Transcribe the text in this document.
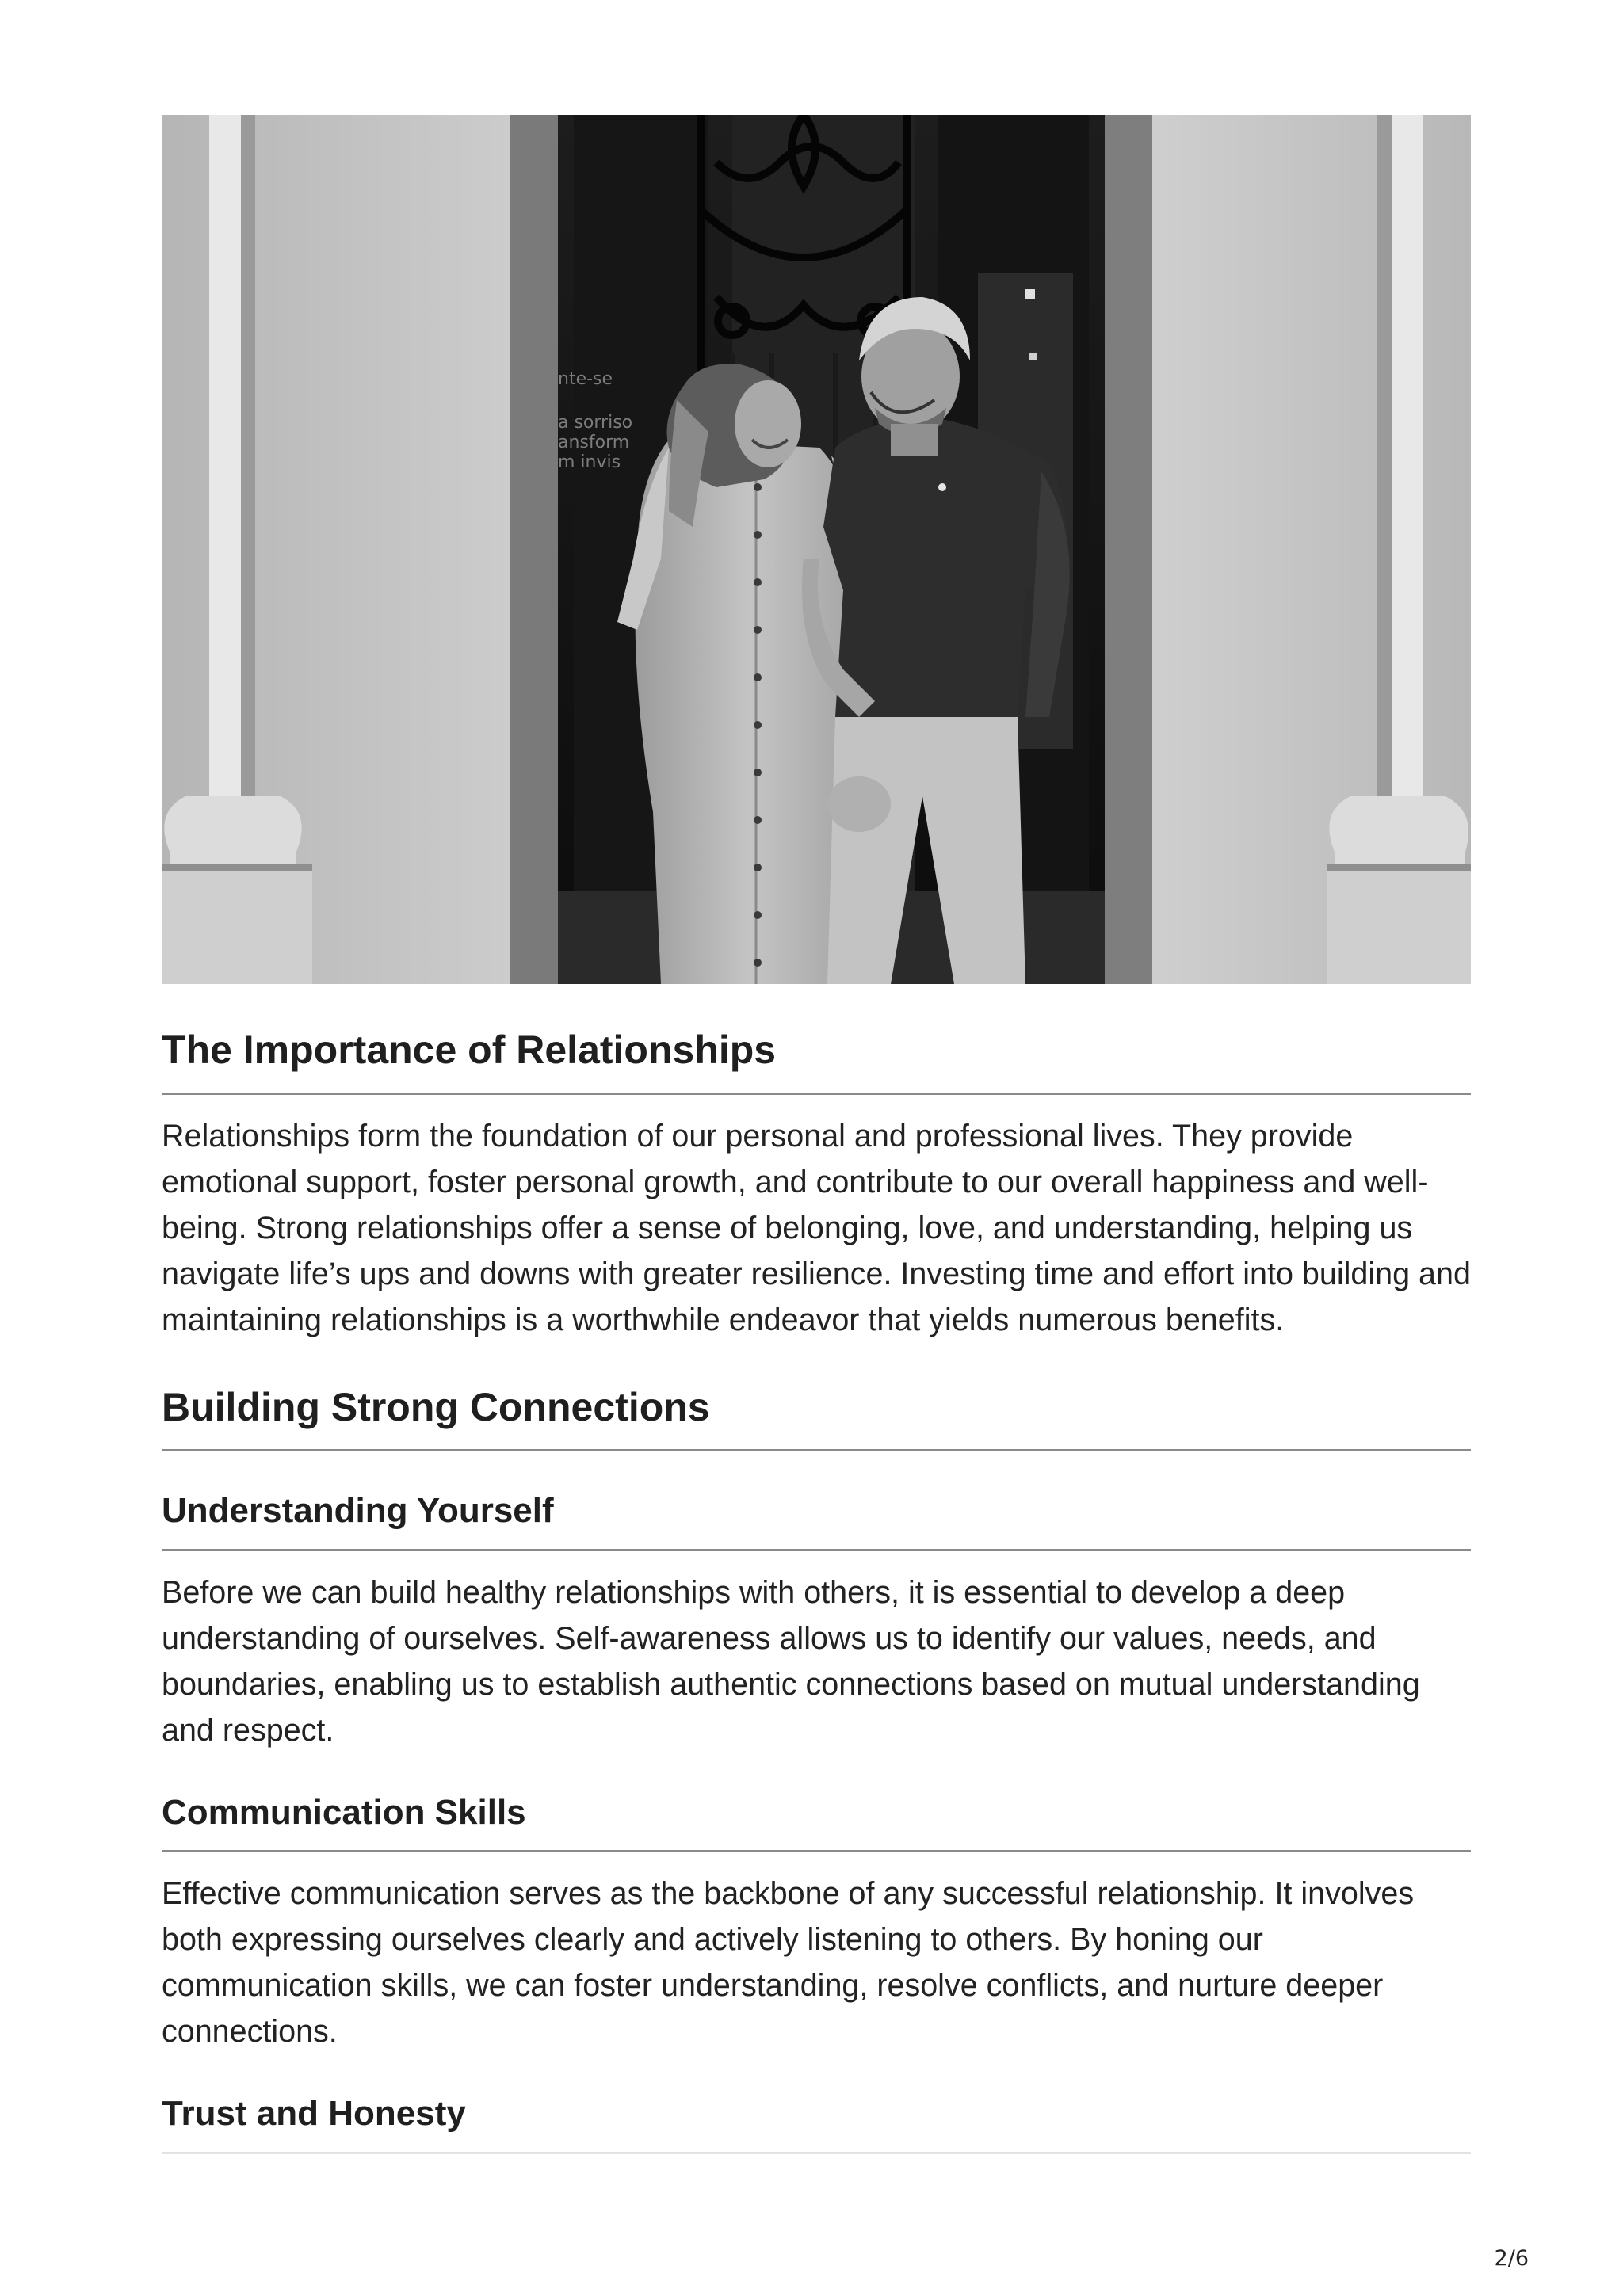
nte-se
a sorriso
ansform
m invis
The Importance of Relationships

Relationships form the foundation of our personal and professional lives. They provide emotional support, foster personal growth, and contribute to our overall happiness and well-being. Strong relationships offer a sense of belonging, love, and understanding, helping us navigate life’s ups and downs with greater resilience. Investing time and effort into building and maintaining relationships is a worthwhile endeavor that yields numerous benefits.

Building Strong Connections
Understanding Yourself

Before we can build healthy relationships with others, it is essential to develop a deep understanding of ourselves. Self-awareness allows us to identify our values, needs, and boundaries, enabling us to establish authentic connections based on mutual understanding and respect.

Communication Skills

Effective communication serves as the backbone of any successful relationship. It involves both expressing ourselves clearly and actively listening to others. By honing our communication skills, we can foster understanding, resolve conflicts, and nurture deeper connections.

Trust and Honesty
2/6
